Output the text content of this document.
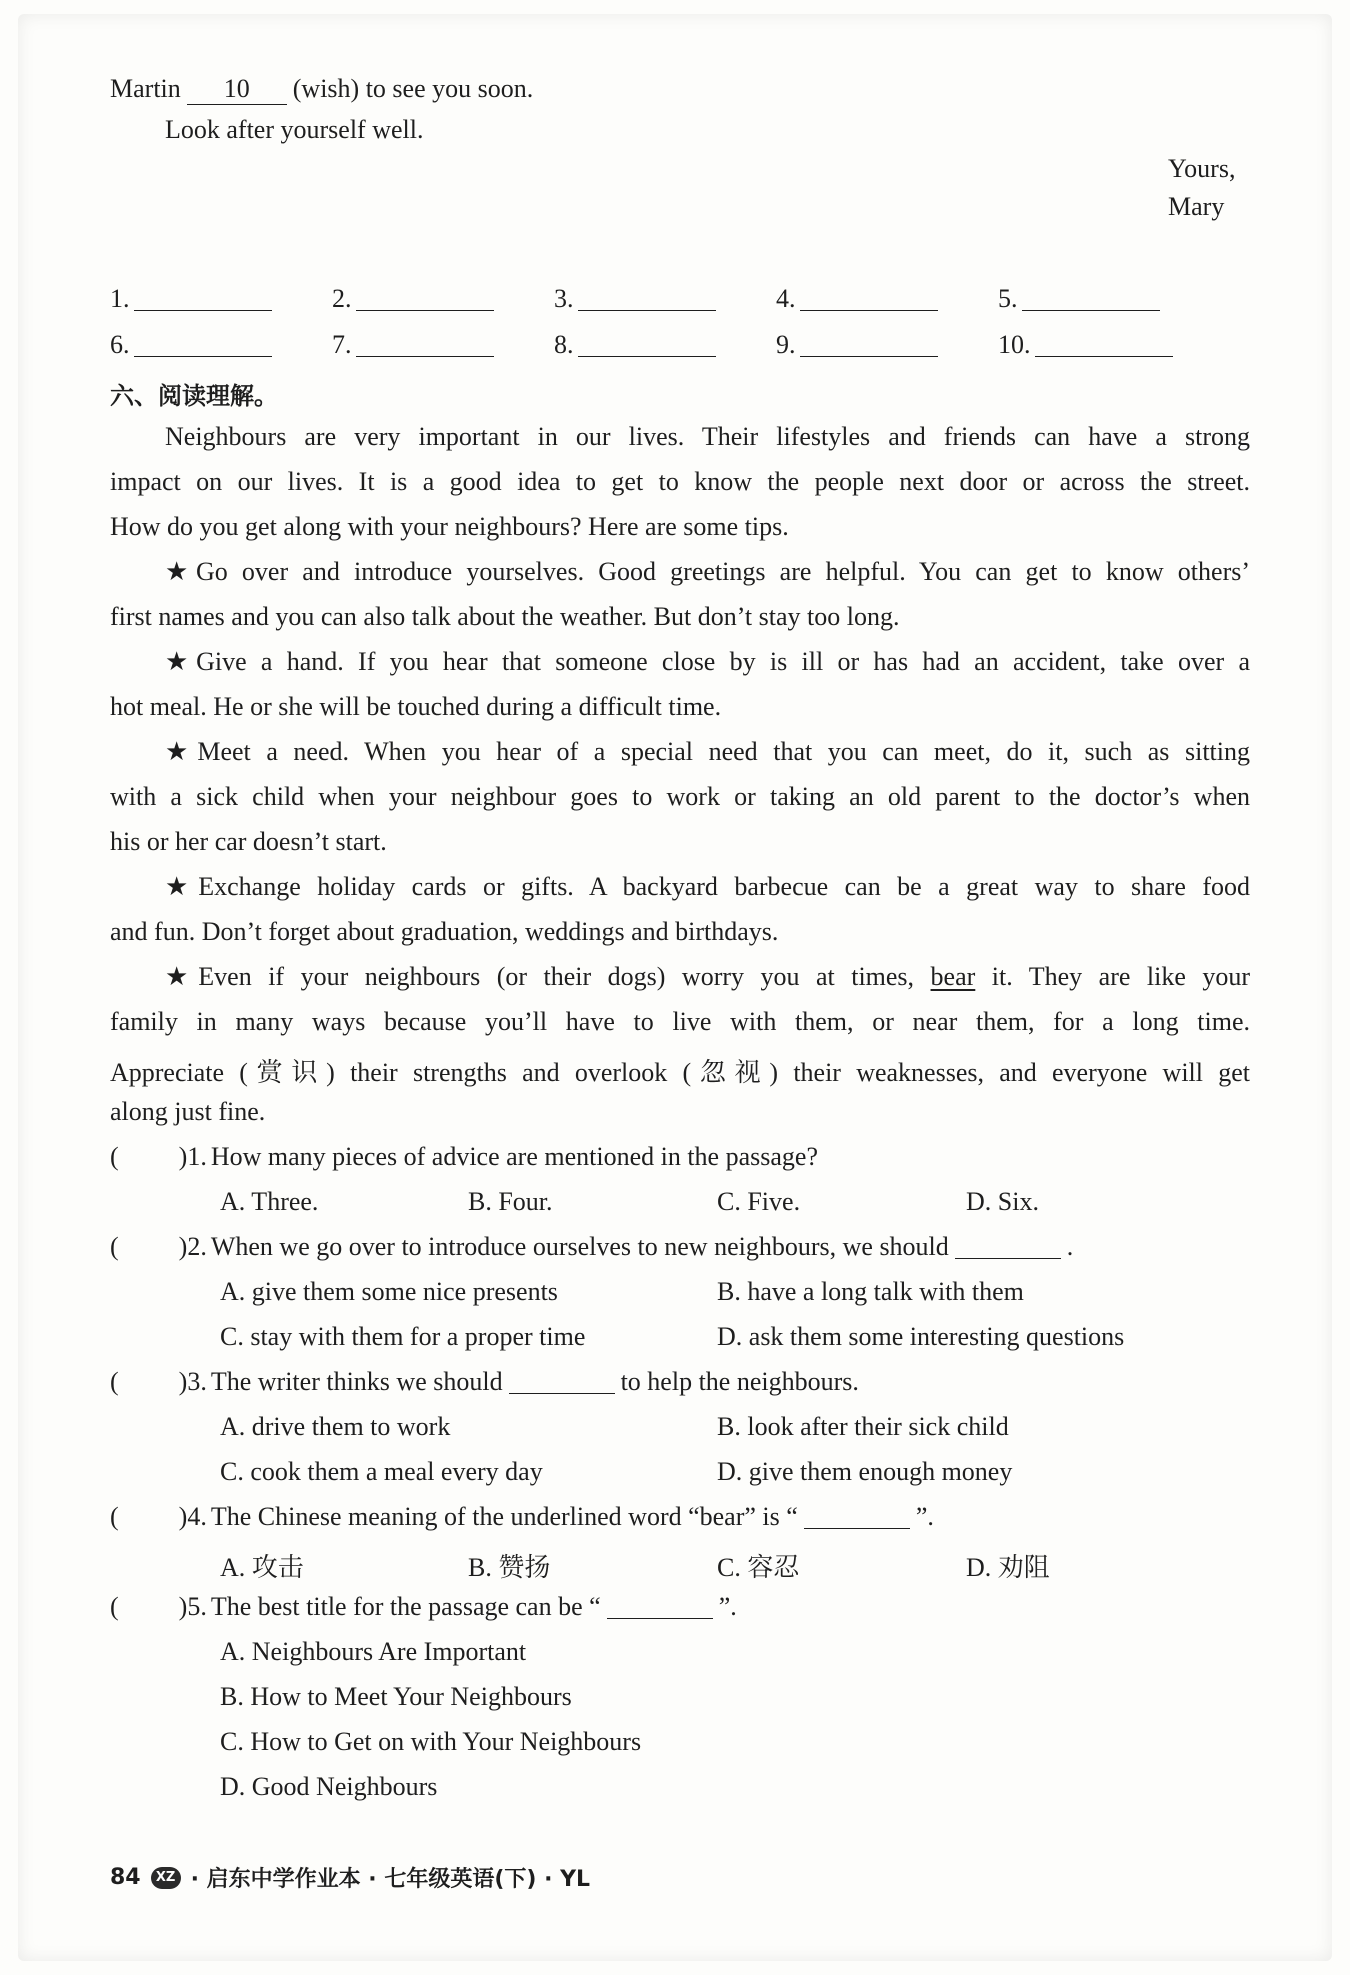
Martin 10 (wish) to see you soon.
Look after yourself well.
Yours,
Mary
1.	2.	3.	4.	5.
6.	7.	8.	9.	10.
六、阅读理解。
Neighbours are very important in our lives. Their lifestyles and friends can have a strong
impact on our lives. It is a good idea to get to know the people next door or across the street.
How do you get along with your neighbours? Here are some tips.
★Go over and introduce yourselves. Good greetings are helpful. You can get to know others’
first names and you can also talk about the weather. But don’t stay too long.
★Give a hand. If you hear that someone close by is ill or has had an accident, take over a
hot meal. He or she will be touched during a difficult time.
★Meet a need. When you hear of a special need that you can meet, do it, such as sitting
with a sick child when your neighbour goes to work or taking an old parent to the doctor’s when
his or her car doesn’t start.
★Exchange holiday cards or gifts. A backyard barbecue can be a great way to share food
and fun. Don’t forget about graduation, weddings and birthdays.
★Even if your neighbours (or their dogs) worry you at times, bear it. They are like your
family in many ways because you’ll have to live with them, or near them, for a long time.
Appreciate (赏识) their strengths and overlook (忽视) their weaknesses, and everyone will get
along just fine.
( )1. How many pieces of advice are mentioned in the passage?
A. Three.	B. Four.	C. Five.	D. Six.
( )2. When we go over to introduce ourselves to new neighbours, we should	.
A. give them some nice presents	B. have a long talk with them
C. stay with them for a proper time	D. ask them some interesting questions
( )3. The writer thinks we should	to help the neighbours.
A. drive them to work	B. look after their sick child
C. cook them a meal every day	D. give them enough money
( )4. The Chinese meaning of the underlined word “bear” is “	”.
A. 攻击	B. 赞扬	C. 容忍	D. 劝阻
( )5. The best title for the passage can be “	”.
A. Neighbours Are Important
B. How to Meet Your Neighbours
C. How to Get on with Your Neighbours
D. Good Neighbours
84	XZ · 启东中学作业本 · 七年级英语(下) · YL
